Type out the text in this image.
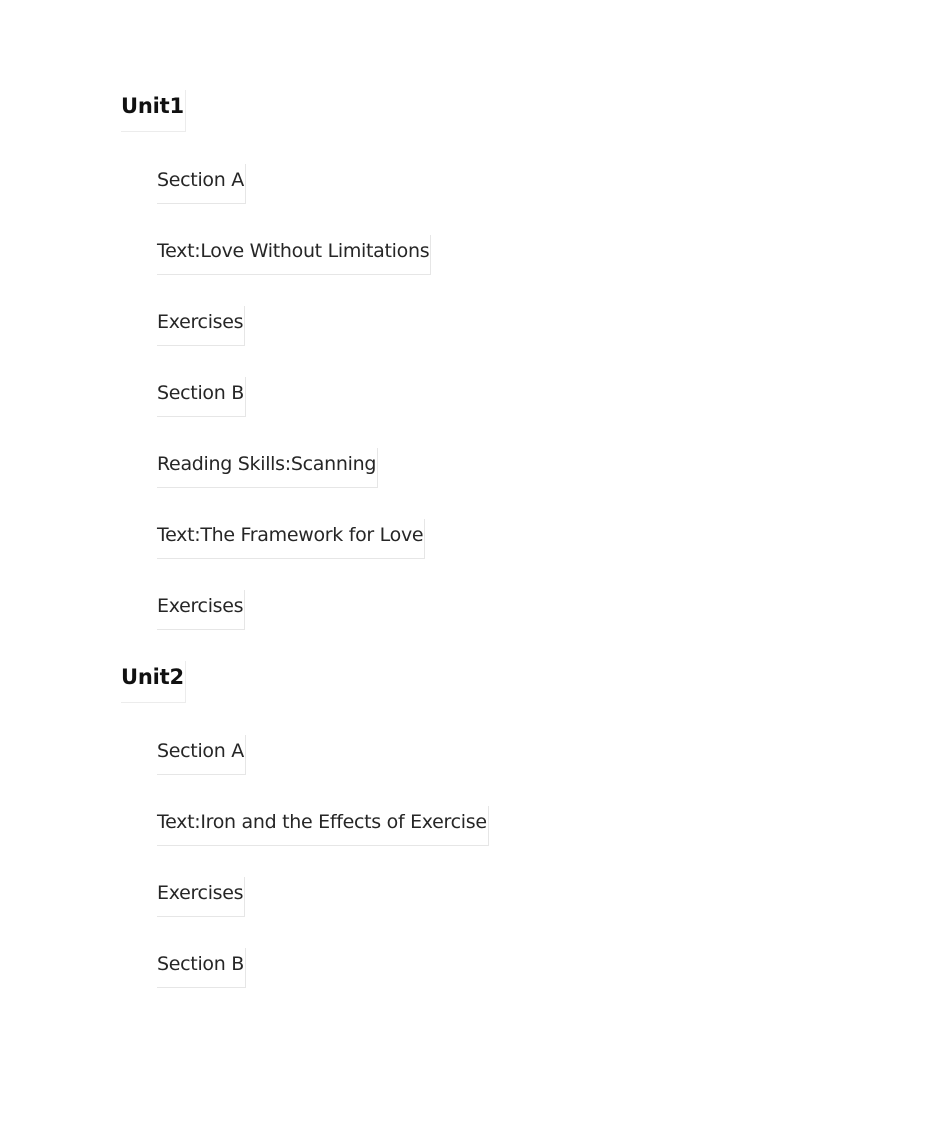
Unit1
Section A
Text:Love Without Limitations
Exercises
Section B
Reading Skills:Scanning
Text:The Framework for Love
Exercises
Unit2
Section A
Text:Iron and the Effects of Exercise
Exercises
Section B
